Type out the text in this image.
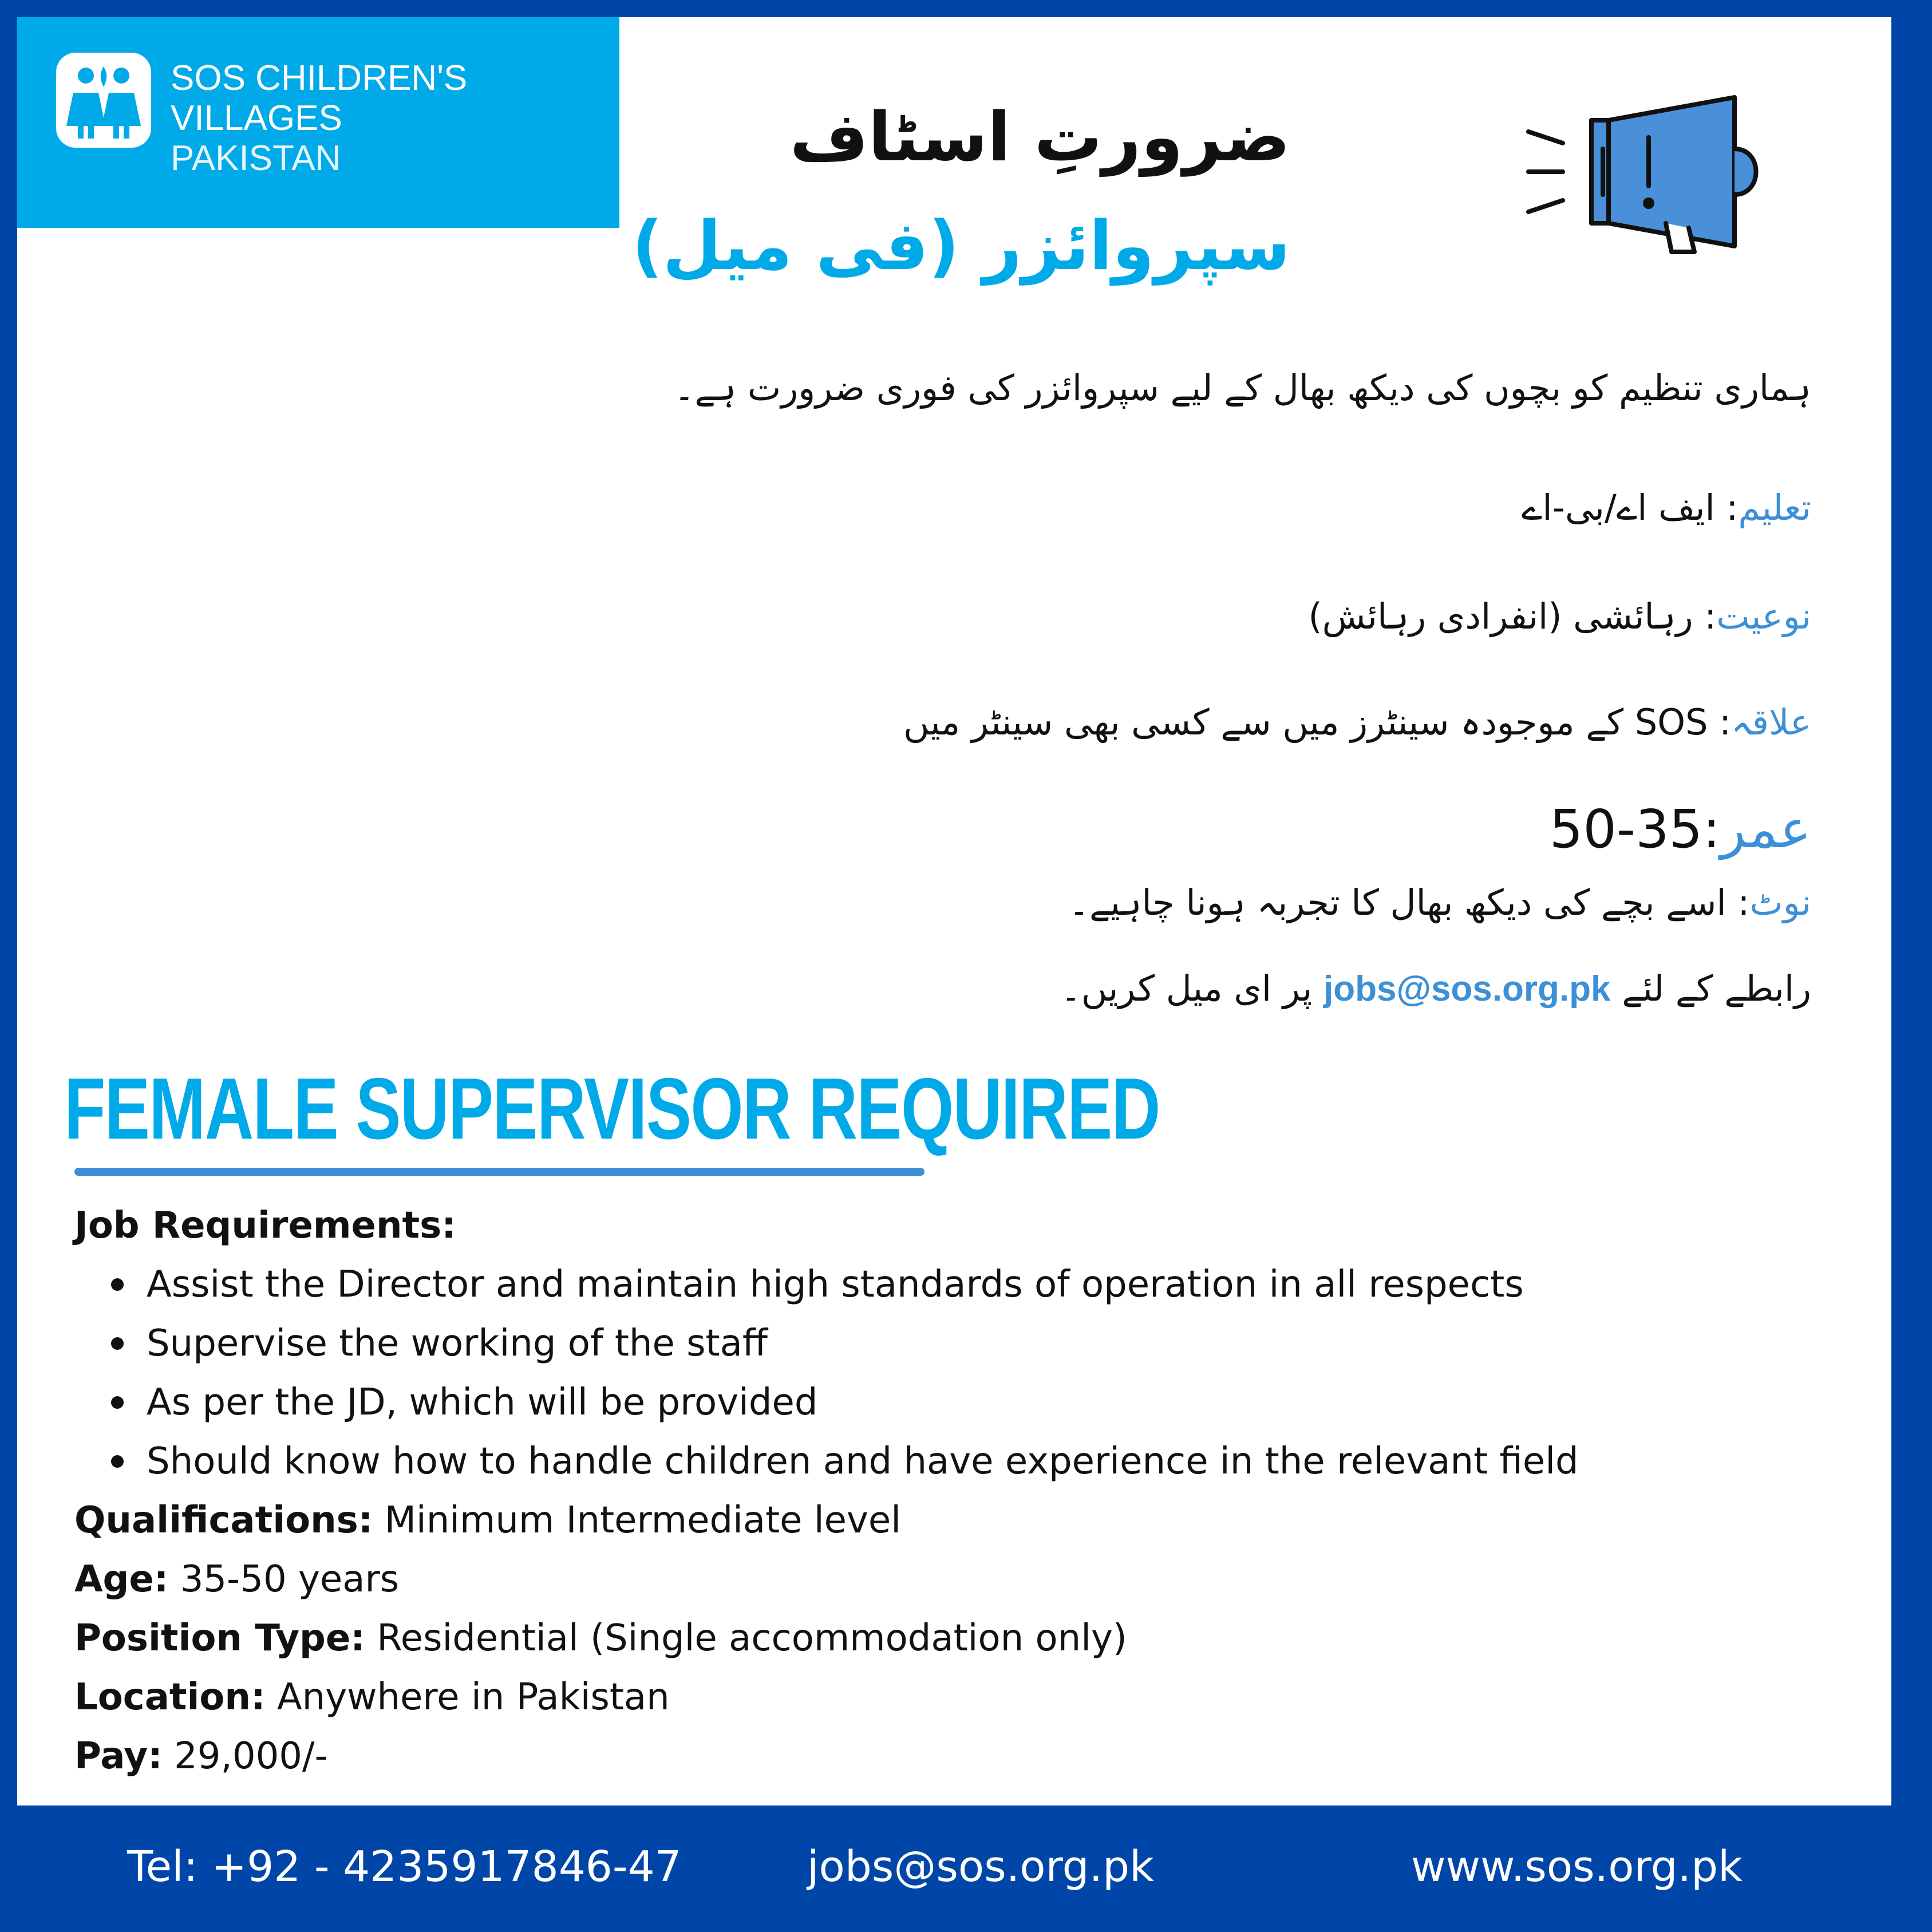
SOS CHILDREN'S
VILLAGES
PAKISTAN	ضرورتِ اسٹاف
سپروائزر (فی میل)
ہماری تنظیم کو بچوں کی دیکھ بھال کے لیے سپروائزر کی فوری ضرورت ہے۔
تعلیم: ایف اے/بی-اے
نوعیت: رہائشی (انفرادی رہائش)
علاقہ: SOS کے موجودہ سینٹرز میں سے کسی بھی سینٹر میں
عمر:35-50
نوٹ: اسے بچے کی دیکھ بھال کا تجربہ ہونا چاہیے۔
رابطے کے لئے jobs@sos.org.pk پر ای میل کریں۔
FEMALE SUPERVISOR REQUIRED
Job Requirements:
Assist the Director and maintain high standards of operation in all respects
Supervise the working of the staff
As per the JD, which will be provided
Should know how to handle children and have experience in the relevant field
Qualifications: Minimum Intermediate level
Age: 35-50 years
Position Type: Residential (Single accommodation only)
Location: Anywhere in Pakistan
Pay: 29,000/-
Tel: +92 - 4235917846-47	jobs@sos.org.pk	www.sos.org.pk
